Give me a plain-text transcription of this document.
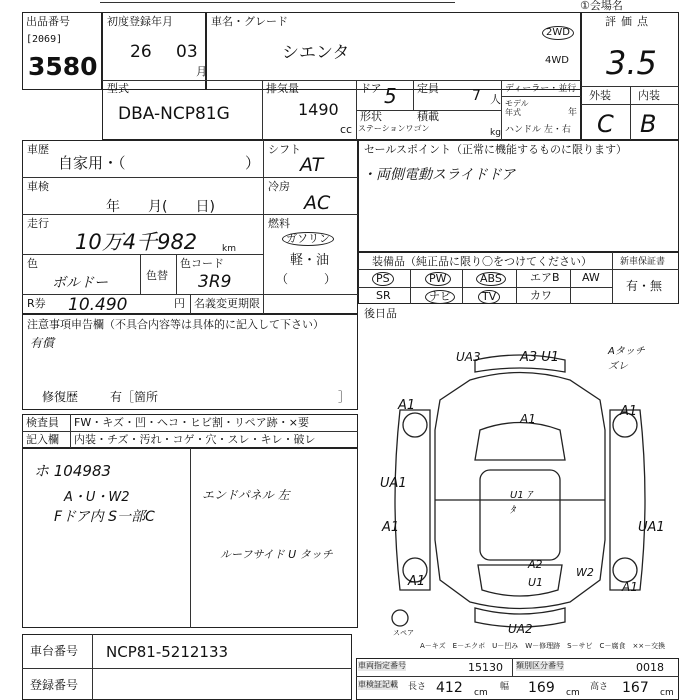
①会場名
出品番号
[2069]
3580
初度登録年月
26 03
月
車名・グレード
シエンタ
2WD
4WD
評価点
3.5
外装 内装
C B
型式
DBA-NCP81G
排気量
1490
cc
ドア 5 定員 7 人
形状
ステーションワゴン
積載
kg
ディーラー・並行
モデル年式	年
ハンドル 左・右
車歴
自家用・（	）
車検
年　　月(　　日)
走行
10万4千982	km
色
ボルドー	色替
色コード
3R9
R券 10.490	円 名義変更期限
シフト
AT
冷房
AC
燃料
ガソリン
軽・油
（　　　）
セールスポイント（正常に機能するものに限ります）
・両側電動スライドドア
装備品（純正品に限り〇をつけてください）	新車保証書
PS	PW	ABS	エアB AW
SR	ナビ	TV	カワ
有・無
後日品
注意事項申告欄（不具合内容等は具体的に記入して下さい）
有償
修復歴	有［箇所	］
検査員
記入欄
FW・キズ・凹・ヘコ・ヒビ割・リペア跡・×要
内装・チズ・汚れ・コゲ・穴・スレ・キレ・破レ
ホ 104983
A・U・W2
Fドア内 S一部C
エンドパネル 左
ルーフサイド U タッチ
UA3	A3 U1	Aタッチ ズレ
A1
A1	A1
UA1
A1	UA1
A1
U1 ｱﾀ
A2
U1
W2
A1
UA2
スペア
A－キズ　E－エクボ　U－凹み　W－修理跡　S－サビ　C－腐食　××－交換
車台番号 NCP81-5212133
登録番号
車両指定番号	15130 類別区分番号	0018
車検証記載 長さ 412 cm
幅 169 cm
高さ 167 cm
